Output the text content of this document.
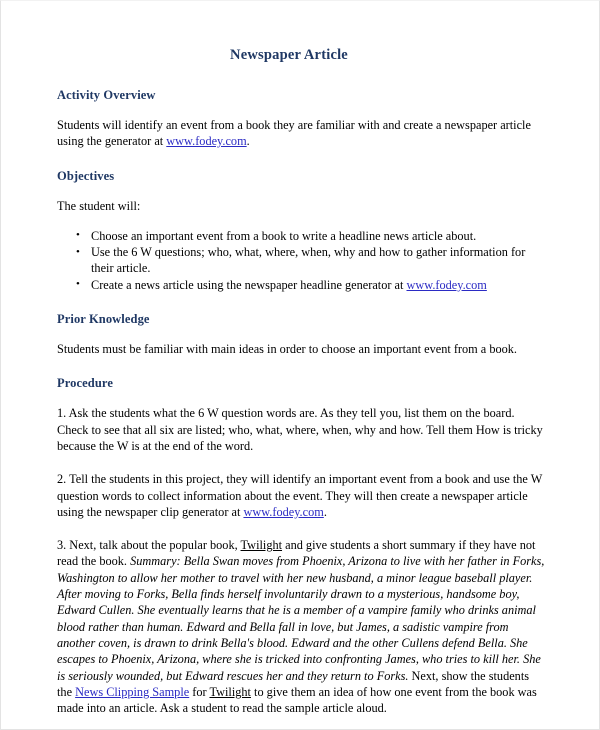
Newspaper Article
Activity Overview

Students will identify an event from a book they are familiar with and create a newspaper article using the generator at www.fodey.com.

Objectives

The student will:

• Choose an important event from a book to write a headline news article about.
• Use the 6 W questions; who, what, where, when, why and how to gather information for their article.
• Create a news article using the newspaper headline generator at www.fodey.com
Prior Knowledge

Students must be familiar with main ideas in order to choose an important event from a book.

Procedure

1. Ask the students what the 6 W question words are. As they tell you, list them on the board. Check to see that all six are listed; who, what, where, when, why and how. Tell them How is tricky because the W is at the end of the word.

2. Tell the students in this project, they will identify an important event from a book and use the W question words to collect information about the event. They will then create a newspaper article using the newspaper clip generator at www.fodey.com.

3. Next, talk about the popular book, Twilight and give students a short summary if they have not read the book. Summary: Bella Swan moves from Phoenix, Arizona to live with her father in Forks, Washington to allow her mother to travel with her new husband, a minor league baseball player. After moving to Forks, Bella finds herself involuntarily drawn to a mysterious, handsome boy, Edward Cullen. She eventually learns that he is a member of a vampire family who drinks animal blood rather than human. Edward and Bella fall in love, but James, a sadistic vampire from another coven, is drawn to drink Bella's blood. Edward and the other Cullens defend Bella. She escapes to Phoenix, Arizona, where she is tricked into confronting James, who tries to kill her. She is seriously wounded, but Edward rescues her and they return to Forks. Next, show the students the News Clipping Sample for Twilight to give them an idea of how one event from the book was made into an article. Ask a student to read the sample article aloud.
